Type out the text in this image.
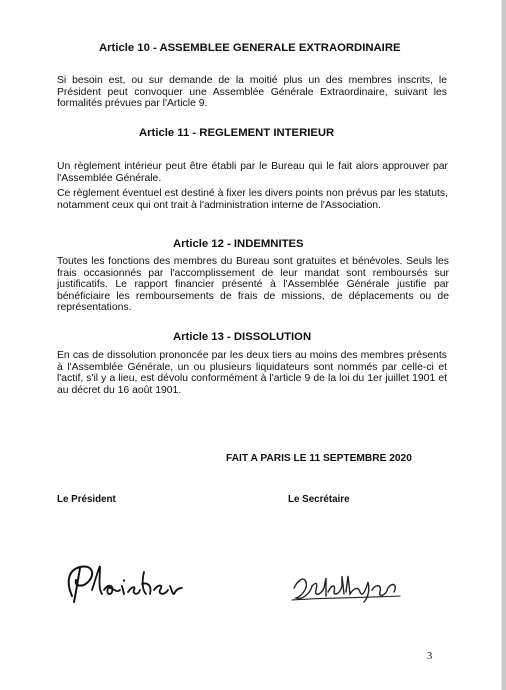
Article 10 - ASSEMBLEE GENERALE EXTRAORDINAIRE
Si besoin est, ou sur demande de la moitié plus un des membres inscrits, le Président peut convoquer une Assemblée Générale Extraordinaire, suivant les formalités prévues par l'Article 9.
Article 11 - REGLEMENT INTERIEUR
Un règlement intérieur peut être établi par le Bureau qui le fait alors approuver par l'Assemblée Générale.
Ce règlement éventuel est destiné à fixer les divers points non prévus par les statuts, notamment ceux qui ont trait à l'administration interne de l'Association.
Article 12 - INDEMNITES
Toutes les fonctions des membres du Bureau sont gratuites et bénévoles. Seuls les frais occasionnés par l'accomplissement de leur mandat sont remboursés sur justificatifs. Le rapport financier présenté à l'Assemblée Générale justifie par bénéficiaire les remboursements de frais de missions, de déplacements ou de représentations.
Article 13 - DISSOLUTION
En cas de dissolution prononcée par les deux tiers au moins des membres présents à l'Assemblée Générale, un ou plusieurs liquidateurs sont nommés par celle-ci et l'actif, s'il y a lieu, est dévolu conformément à l'article 9 de la loi du 1er juillet 1901 et au décret du 16 août 1901.
FAIT A PARIS LE 11 SEPTEMBRE 2020
Le Président	Le Secrétaire
3
